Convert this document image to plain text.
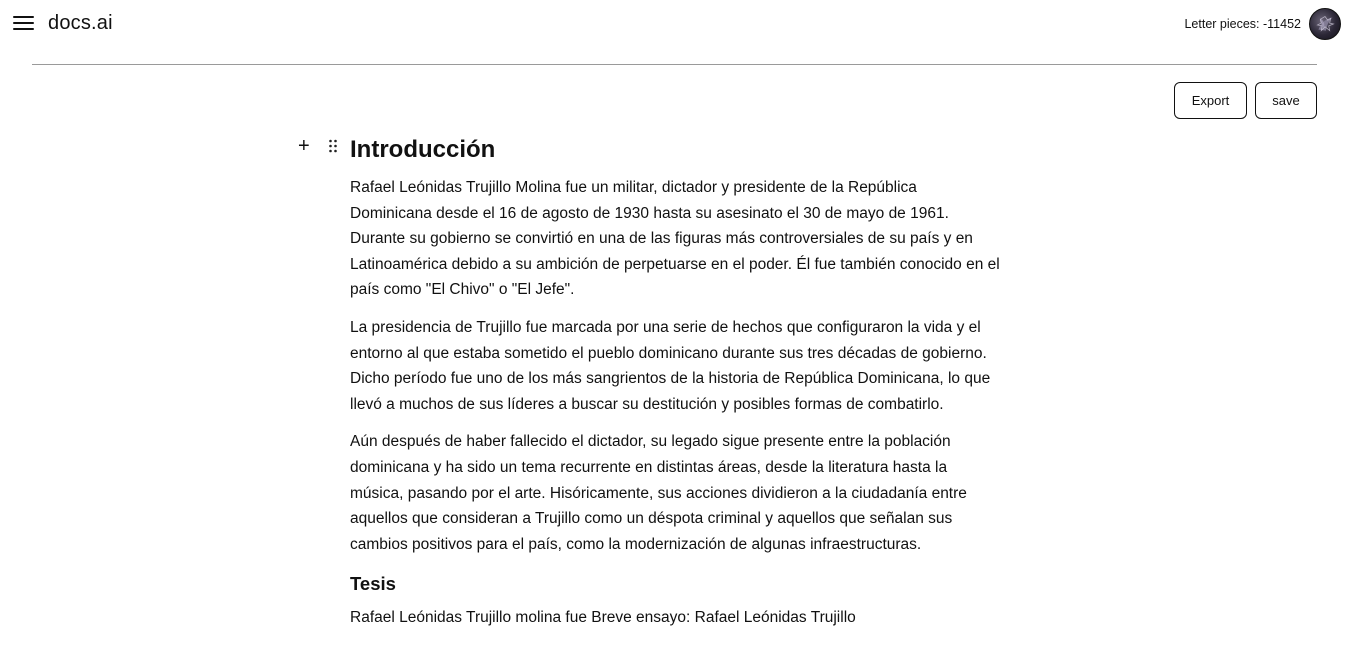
docs.ai	Letter pieces: -11452
Export	save
+ Introducción

Rafael Leónidas Trujillo Molina fue un militar, dictador y presidente de la República Dominicana desde el 16 de agosto de 1930 hasta su asesinato el 30 de mayo de 1961. Durante su gobierno se convirtió en una de las figuras más controversiales de su país y en Latinoamérica debido a su ambición de perpetuarse en el poder. Él fue también conocido en el país como "El Chivo" o "El Jefe".

La presidencia de Trujillo fue marcada por una serie de hechos que configuraron la vida y el entorno al que estaba sometido el pueblo dominicano durante sus tres décadas de gobierno. Dicho período fue uno de los más sangrientos de la historia de República Dominicana, lo que llevó a muchos de sus líderes a buscar su destitución y posibles formas de combatirlo.

Aún después de haber fallecido el dictador, su legado sigue presente entre la población dominicana y ha sido un tema recurrente en distintas áreas, desde la literatura hasta la música, pasando por el arte. Hisóricamente, sus acciones dividieron a la ciudadanía entre aquellos que consideran a Trujillo como un déspota criminal y aquellos que señalan sus cambios positivos para el país, como la modernización de algunas infraestructuras.

Tesis

Rafael Leónidas Trujillo molina fue Breve ensayo: Rafael Leónidas Trujillo
